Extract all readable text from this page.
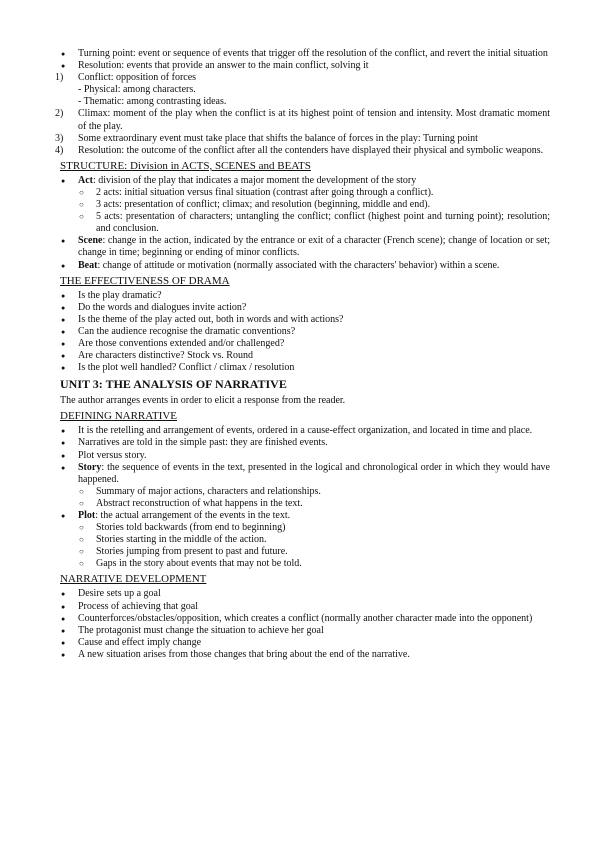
● Turning point: event or sequence of events that trigger off the resolution of the conflict, and revert the initial situation
● Resolution: events that provide an answer to the main conflict, solving it
1) Conflict: opposition of forces
- Physical: among characters.
- Thematic: among contrasting ideas.
2) Climax: moment of the play when the conflict is at its highest point of tension and intensity. Most dramatic moment of the play.
3) Some extraordinary event must take place that shifts the balance of forces in the play: Turning point
4) Resolution: the outcome of the conflict after all the contenders have displayed their physical and symbolic weapons.
STRUCTURE: Division in ACTS, SCENES and BEATS
● Act: division of the play that indicates a major moment the development of the story
○ 2 acts: initial situation versus final situation (contrast after going through a conflict).
○ 3 acts: presentation of conflict; climax; and resolution (beginning, middle and end).
○ 5 acts: presentation of characters; untangling the conflict; conflict (highest point and turning point); resolution; and conclusion.
● Scene: change in the action, indicated by the entrance or exit of a character (French scene); change of location or set; change in time; beginning or ending of minor conflicts.
● Beat: change of attitude or motivation (normally associated with the characters' behavior) within a scene.
THE EFFECTIVENESS OF DRAMA
● Is the play dramatic?
● Do the words and dialogues invite action?
● Is the theme of the play acted out, both in words and with actions?
● Can the audience recognise the dramatic conventions?
● Are those conventions extended and/or challenged?
● Are characters distinctive? Stock vs. Round
● Is the plot well handled? Conflict / climax / resolution
UNIT 3: THE ANALYSIS OF NARRATIVE
The author arranges events in order to elicit a response from the reader.
DEFINING NARRATIVE
● It is the retelling and arrangement of events, ordered in a cause-effect organization, and located in time and place.
● Narratives are told in the simple past: they are finished events.
● Plot versus story.
● Story: the sequence of events in the text, presented in the logical and chronological order in which they would have happened.
○ Summary of major actions, characters and relationships.
○ Abstract reconstruction of what happens in the text.
● Plot: the actual arrangement of the events in the text.
○ Stories told backwards (from end to beginning)
○ Stories starting in the middle of the action.
○ Stories jumping from present to past and future.
○ Gaps in the story about events that may not be told.
NARRATIVE DEVELOPMENT
● Desire sets up a goal
● Process of achieving that goal
● Counterforces/obstacles/opposition, which creates a conflict (normally another character made into the opponent)
● The protagonist must change the situation to achieve her goal
● Cause and effect imply change
● A new situation arises from those changes that bring about the end of the narrative.
